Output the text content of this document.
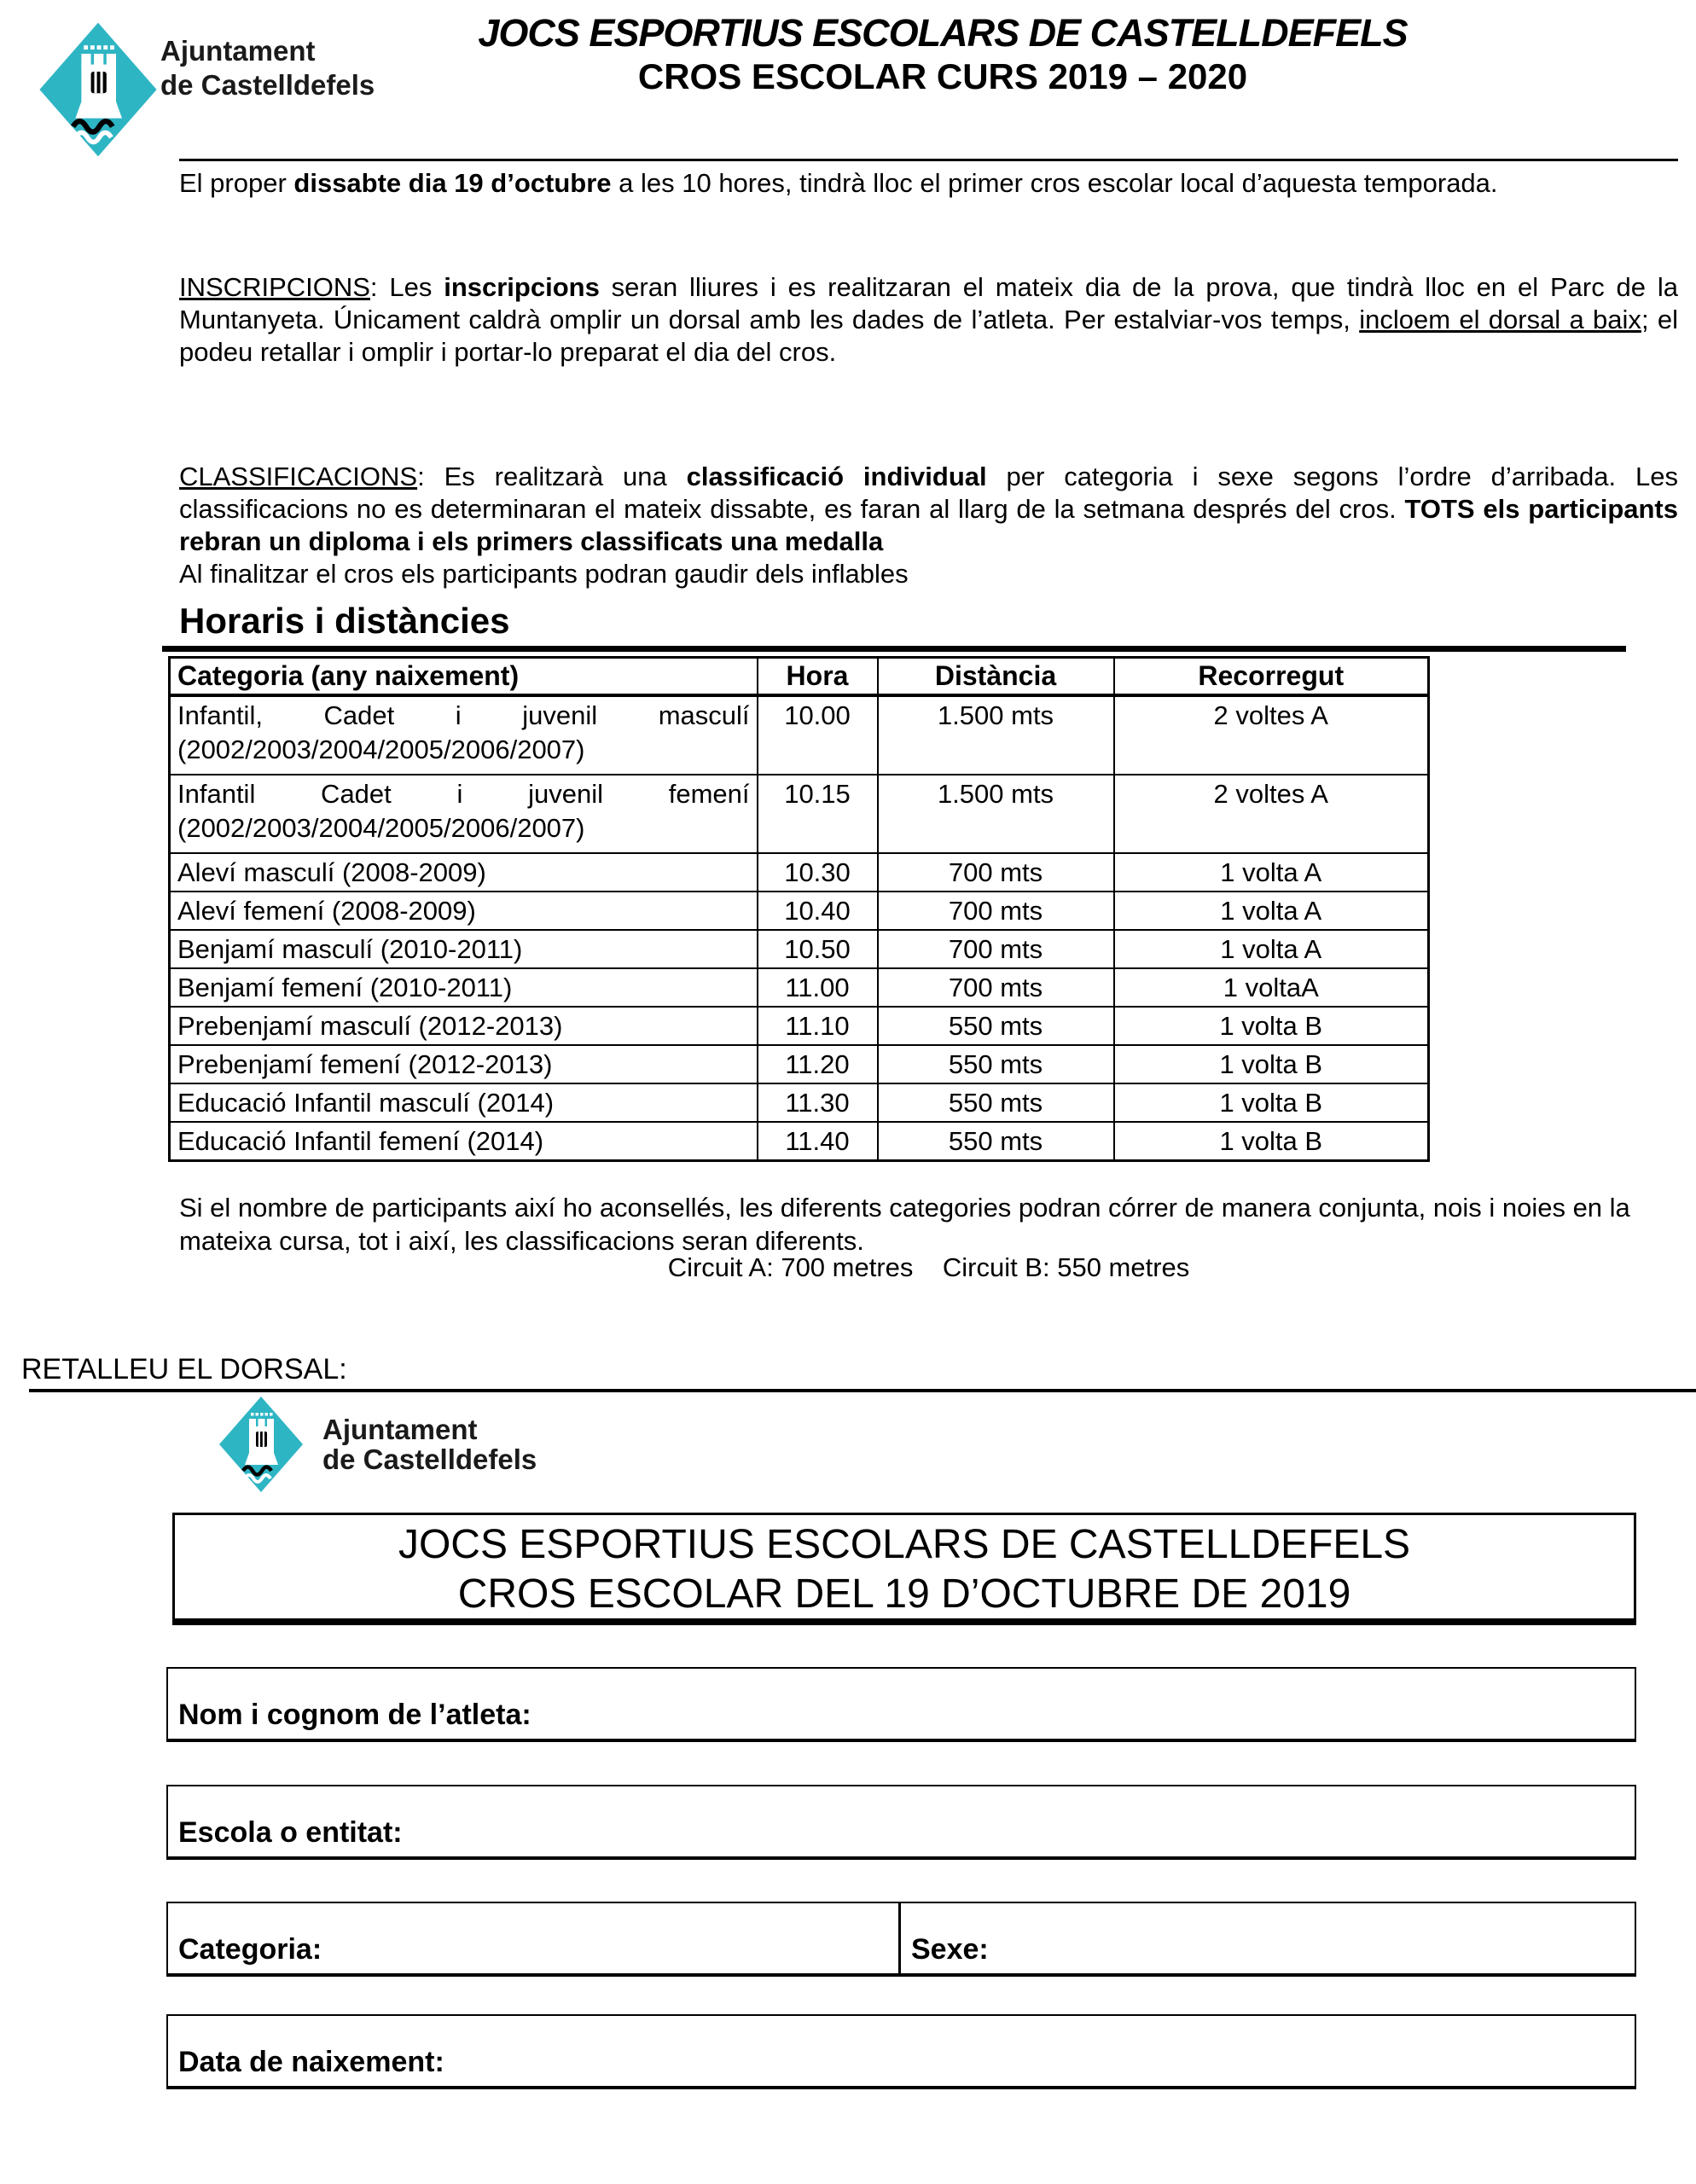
Ajuntament
de Castelldefels
JOCS ESPORTIUS ESCOLARS DE CASTELLDEFELS
CROS ESCOLAR CURS 2019 – 2020
El proper dissabte dia 19 d’octubre a les 10 hores, tindrà lloc el primer cros escolar local d’aquesta temporada.
INSCRIPCIONS: Les inscripcions seran lliures i es realitzaran el mateix dia de la prova, que tindrà lloc en el Parc de la Muntanyeta. Únicament caldrà omplir un dorsal amb les dades de l’atleta. Per estalviar-vos temps, incloem el dorsal a baix; el podeu retallar i omplir i portar-lo preparat el dia del cros.
CLASSIFICACIONS: Es realitzarà una classificació individual per categoria i sexe segons l’ordre d’arribada. Les classificacions no es determinaran el mateix dissabte, es faran al llarg de la setmana després del cros. TOTS els participants rebran un diploma i els primers classificats una medalla
Al finalitzar el cros els participants podran gaudir dels inflables
Horaris i distàncies
Categoria (any naixement)	Hora	Distància	Recorregut
Infantil, Cadet i juvenil masculí (2002/2003/2004/2005/2006/2007)	10.00	1.500 mts	2 voltes A
Infantil Cadet i juvenil femení (2002/2003/2004/2005/2006/2007)	10.15	1.500 mts	2 voltes A
Aleví masculí (2008-2009)	10.30	700 mts	1 volta A
Aleví femení (2008-2009)	10.40	700 mts	1 volta A
Benjamí masculí (2010-2011)	10.50	700 mts	1 volta A
Benjamí femení (2010-2011)	11.00	700 mts	1 voltaA
Prebenjamí masculí (2012-2013)	11.10	550 mts	1 volta B
Prebenjamí femení (2012-2013)	11.20	550 mts	1 volta B
Educació Infantil masculí (2014)	11.30	550 mts	1 volta B
Educació Infantil femení (2014)	11.40	550 mts	1 volta B
Si el nombre de participants així ho aconsellés, les diferents categories podran córrer de manera conjunta, nois i noies en la mateixa cursa, tot i així, les classificacions seran diferents.
Circuit A: 700 metres    Circuit B: 550 metres
RETALLEU EL DORSAL:
Ajuntament
de Castelldefels
JOCS ESPORTIUS ESCOLARS DE CASTELLDEFELS
CROS ESCOLAR DEL 19 D’OCTUBRE DE 2019
Nom i cognom de l’atleta:
Escola o entitat:
Categoria:	Sexe:
Data de naixement:
